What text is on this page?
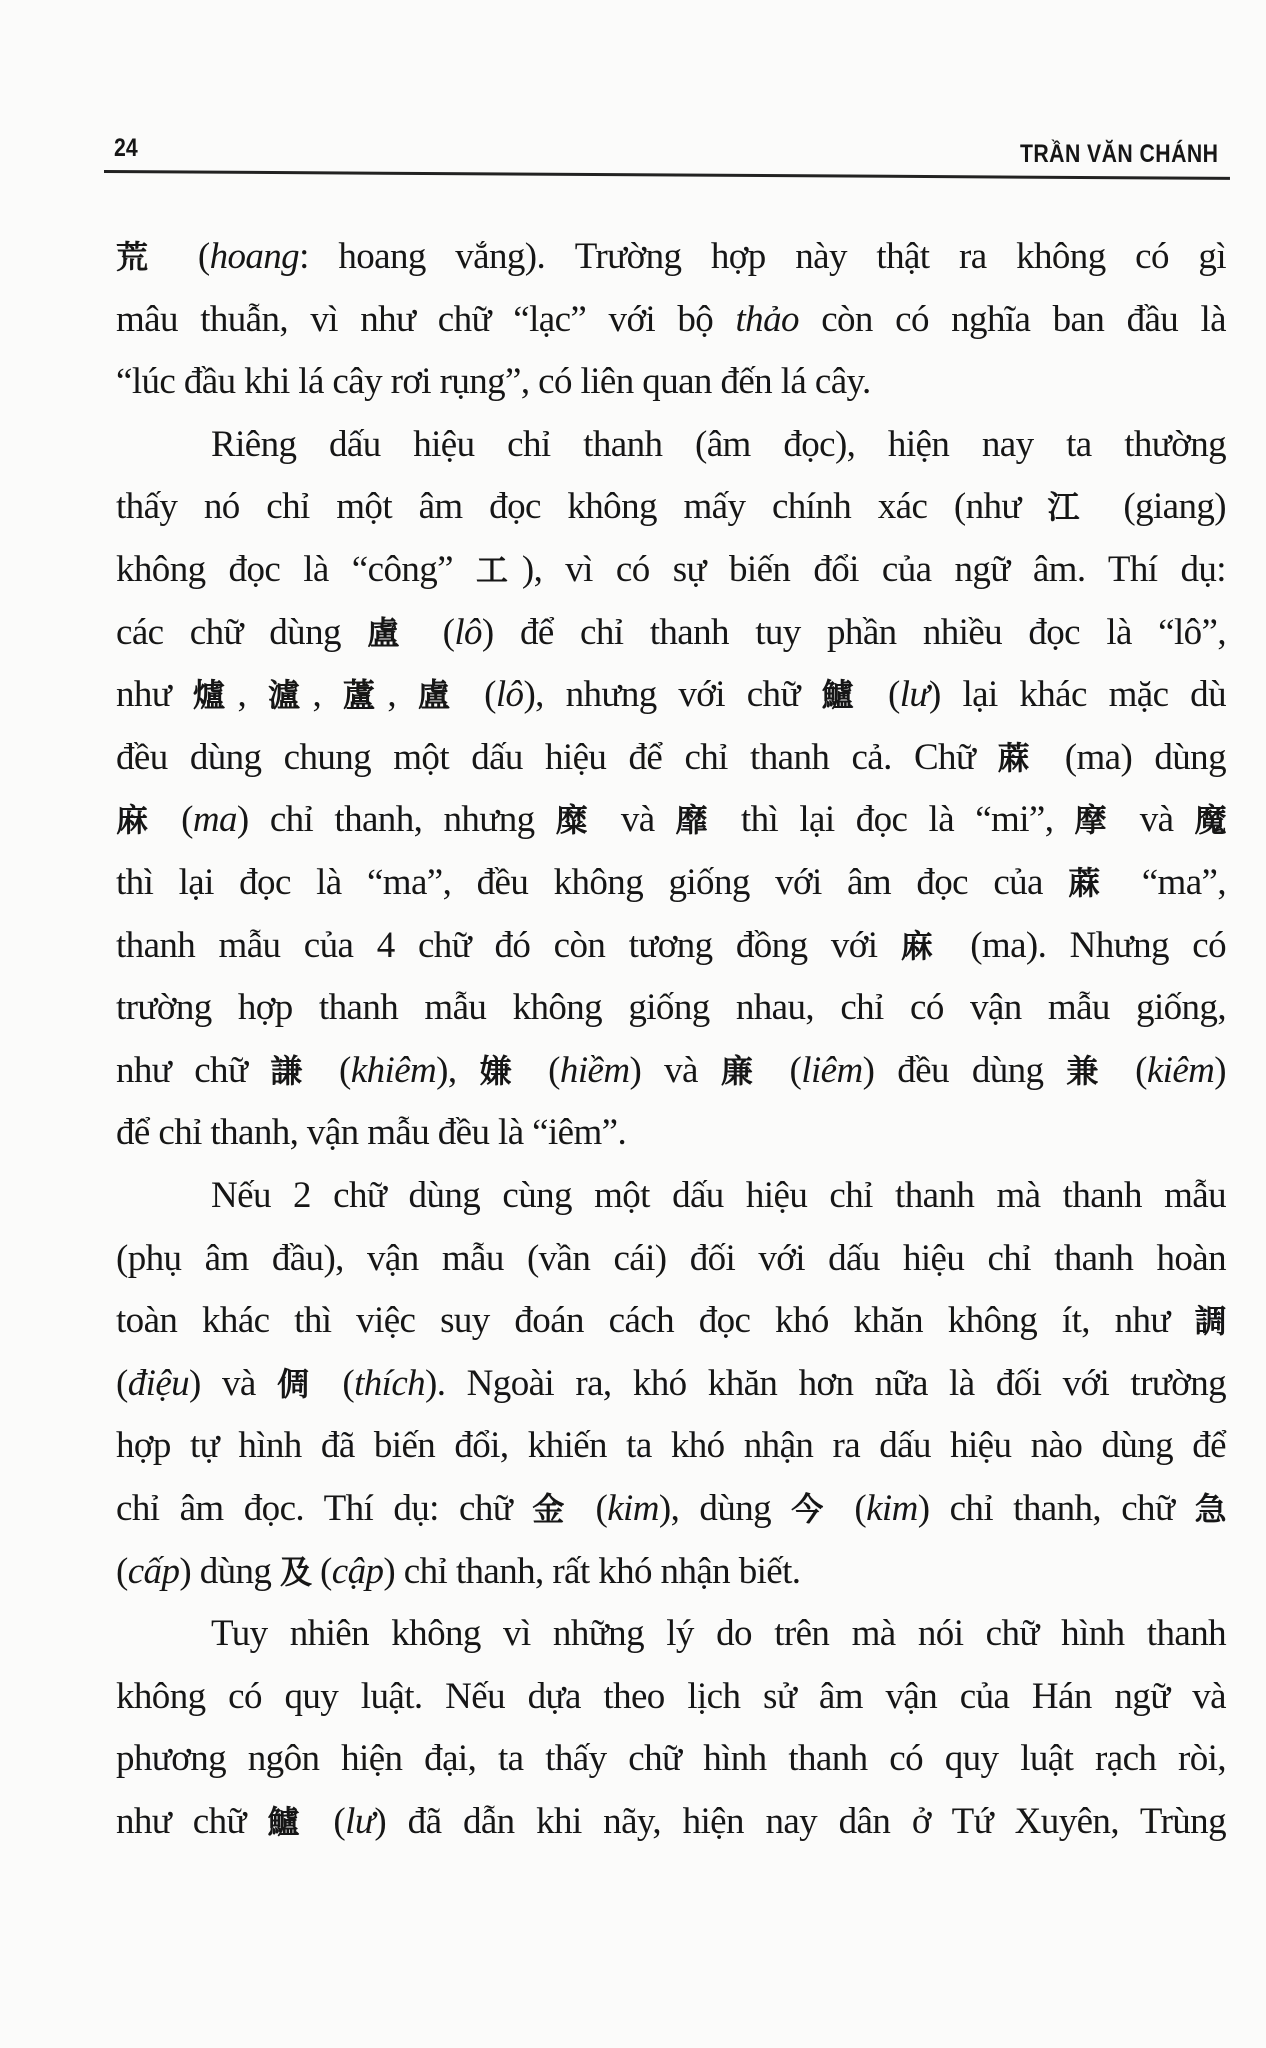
24	TRẦN VĂN CHÁNH
荒 (hoang: hoang vắng). Trường hợp này thật ra không có gì
mâu thuẫn, vì như chữ “lạc” với bộ thảo còn có nghĩa ban đầu là
“lúc đầu khi lá cây rơi rụng”, có liên quan đến lá cây.
Riêng dấu hiệu chỉ thanh (âm đọc), hiện nay ta thường
thấy nó chỉ một âm đọc không mấy chính xác (như 江 (giang)
không đọc là “công” 工), vì có sự biến đổi của ngữ âm. Thí dụ:
các chữ dùng 盧 (lô) để chỉ thanh tuy phần nhiều đọc là “lô”,
như 爐, 瀘, 蘆, 盧 (lô), nhưng với chữ 鱸 (lư) lại khác mặc dù
đều dùng chung một dấu hiệu để chỉ thanh cả. Chữ 蔴 (ma) dùng
麻 (ma) chỉ thanh, nhưng 糜 và 靡 thì lại đọc là “mi”, 摩 và 魔
thì lại đọc là “ma”, đều không giống với âm đọc của 蔴 “ma”,
thanh mẫu của 4 chữ đó còn tương đồng với 麻 (ma). Nhưng có
trường hợp thanh mẫu không giống nhau, chỉ có vận mẫu giống,
như chữ 謙 (khiêm), 嫌 (hiềm) và 廉 (liêm) đều dùng 兼 (kiêm)
để chỉ thanh, vận mẫu đều là “iêm”.
Nếu 2 chữ dùng cùng một dấu hiệu chỉ thanh mà thanh mẫu
(phụ âm đầu), vận mẫu (vần cái) đối với dấu hiệu chỉ thanh hoàn
toàn khác thì việc suy đoán cách đọc khó khăn không ít, như 調
(điệu) và 倜 (thích). Ngoài ra, khó khăn hơn nữa là đối với trường
hợp tự hình đã biến đổi, khiến ta khó nhận ra dấu hiệu nào dùng để
chỉ âm đọc. Thí dụ: chữ 金 (kim), dùng 今 (kim) chỉ thanh, chữ 急
(cấp) dùng 及 (cập) chỉ thanh, rất khó nhận biết.
Tuy nhiên không vì những lý do trên mà nói chữ hình thanh
không có quy luật. Nếu dựa theo lịch sử âm vận của Hán ngữ và
phương ngôn hiện đại, ta thấy chữ hình thanh có quy luật rạch ròi,
như chữ 鱸 (lư) đã dẫn khi nãy, hiện nay dân ở Tứ Xuyên, Trùng
